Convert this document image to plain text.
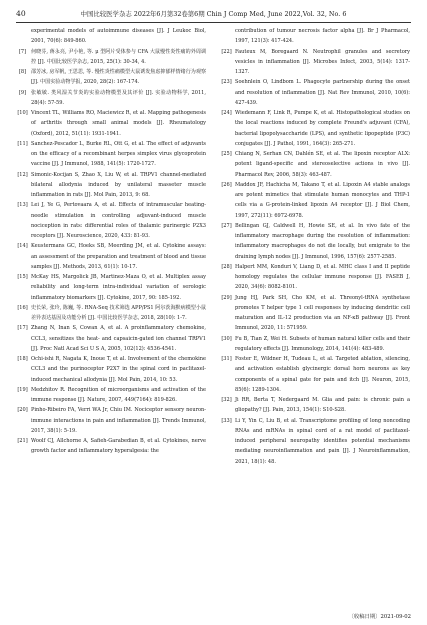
40	中国比较医学杂志 2022年6月第32卷第6期 Chin J Comp Med, June 2022,Vol. 32, No. 6
experimental models of autoimmune diseases [J]. J Leukoc Biol, 2001, 70(6): 849-860.
[7] 何晓芬, 蒋永亮, 尹小艳, 等. μ 型阿片受体参与 CFA 大鼠慢性炎性痛的外周调控 [J]. 中国比较医学杂志, 2015, 25(1): 30-34, 4.
[8] 邵芳冰, 房军帆, 王思思, 等. 慢性炎性痛模型大鼠诱发焦虑抑郁样情绪行为观察 [J]. 中国实验动物学报, 2020, 28(2): 167-174.
[9] 张敏敏. 类风湿关节炎的实验动物模型及其评价 [J]. 实验动物科学, 2011, 28(4): 57-59.
[10] Vincent TL, Williams RO, Maciewicz R, et al. Mapping pathogenesis of arthritis through small animal models [J]. Rheumatology (Oxford), 2012, 51(11): 1931-1941.
[11] Sanchez-Pescador L, Burke RL, Ott G, et al. The effect of adjuvants on the efficacy of a recombinant herpes simplex virus glycoprotein vaccine [J]. J Immunol, 1988, 141(5): 1720-1727.
[12] Simonic-Kocijan S, Zhao X, Liu W, et al. TRPV1 channel-mediated bilateral allodynia induced by unilateral masseter muscle inflammation in rats [J]. Mol Pain, 2013, 9: 68.
[13] Lei J, Ye G, Pertovaara A, et al. Effects of intramuscular heating-needle stimulation in controlling adjuvant-induced muscle nociception in rats: differential roles of thalamic purinergic P2X3 receptors [J]. Neuroscience, 2020, 433: 81-93.
[14] Keustermans GC, Hoeks SB, Meerding JM, et al. Cytokine assays: an assessment of the preparation and treatment of blood and tissue samples [J]. Methods, 2013, 61(1): 10-17.
[15] McKay HS, Margolick JB, Martinez-Maza O, et al. Multiplex assay reliability and long-term intra-individual variation of serologic inflammatory biomarkers [J]. Cytokine, 2017, 90: 185-192.
[16] 史长荣, 张玲, 陈巍, 等. RNA-Seq 技术筛选 APP/PS1 阿尔茨海默病模型小鼠差异表达基因及功能分析 [J]. 中国比较医学杂志, 2018, 28(10): 1-7.
[17] Zhang N, Inan S, Cowan A, et al. A proinflammatory chemokine, CCL3, sensitizes the heat- and capsaicin-gated ion channel TRPV1 [J]. Proc Natl Acad Sci U S A, 2005, 102(12): 4536-4541.
[18] Ochi-ishi R, Nagata K, Inoue T, et al. Involvement of the chemokine CCL3 and the purinoceptor P2X7 in the spinal cord in paclitaxel-induced mechanical allodynia [J]. Mol Pain, 2014, 10: 53.
[19] Medzhitov R. Recognition of microorganisms and activation of the immune response [J]. Nature, 2007, 449(7164): 819-826.
[20] Pinho-Ribeiro FA, Verri WA Jr, Chiu IM. Nociceptor sensory neuron-immune interactions in pain and inflammation [J]. Trends Immunol, 2017, 38(1): 5-19.
[21] Woolf CJ, Allchorne A, Safieh-Garabedian B, et al. Cytokines, nerve growth factor and inflammatory hyperalgesia: the
contribution of tumour necrosis factor alpha [J]. Br J Pharmacol, 1997, 121(3): 417-424.
[22] Fauteux M, Boregaard N. Neutrophil granules and secretory vesicles in inflammation [J]. Microbes Infect, 2003, 5(14): 1317-1327.
[23] Soehnlein O, Lindbom L. Phagocyte partnership during the onset and resolution of inflammation [J]. Nat Rev Immunol, 2010, 10(6): 427-439.
[24] Wiedemann F, Link R, Pumpe K, et al. Histopathological studies on the local reactions induced by complete Freund's adjuvant (CFA), bacterial lipopolysaccharide (LPS), and synthetic lipopeptide (P3C) conjugates [J]. J Pathol, 1991, 164(3): 265-271.
[25] Chiang N, Serhan CN, Dahlén SE, et al. The lipoxin receptor ALX: potent ligand-specific and stereoselective actions in vivo [J]. Pharmacol Rev, 2006, 58(3): 463-487.
[26] Maddox JF, Hachicha M, Takano T, et al. Lipoxin A4 stable analogs are potent mimetics that stimulate human monocytes and THP-1 cells via a G-protein-linked lipoxin A4 receptor [J]. J Biol Chem, 1997, 272(11): 6972-6978.
[27] Bellingan GJ, Caldwell H, Howie SE, et al. In vivo fate of the inflammatory macrophage during the resolution of inflammation: inflammatory macrophages do not die locally, but emigrate to the draining lymph nodes [J]. J Immunol, 1996, 157(6): 2577-2585.
[28] Halpert MM, Konduri V, Liang D, et al. MHC class I and II peptide homology regulates the cellular immune response [J]. FASEB J, 2020, 34(6): 8082-8101.
[29] Jung HJ, Park SH, Cho KM, et al. Threonyl-tRNA synthetase promotes T helper type 1 cell responses by inducing dendritic cell maturation and IL-12 production via an NF-κB pathway [J]. Front Immunol, 2020, 11: 571959.
[30] Fu B, Tian Z, Wei H. Subsets of human natural killer cells and their regulatory effects [J]. Immunology, 2014, 141(4): 483-489.
[31] Foster E, Wildner H, Tudeau L, et al. Targeted ablation, silencing, and activation establish glycinergic dorsal horn neurons as key components of a spinal gate for pain and itch [J]. Neuron, 2015, 85(6): 1289-1304.
[32] Ji RR, Berta T, Nedergaard M. Glia and pain: is chronic pain a gliopathy? [J]. Pain, 2013, 154(1): S10-S28.
[33] Li Y, Yin C, Liu B, et al. Transcriptome profiling of long noncoding RNAs and mRNAs in spinal cord of a rat model of paclitaxel-induced peripheral neuropathy identifies potential mechanisms mediating neuroinflammation and pain [J]. J Neuroinflammation, 2021, 18(1): 48.
〔收稿日期〕2021-09-02
